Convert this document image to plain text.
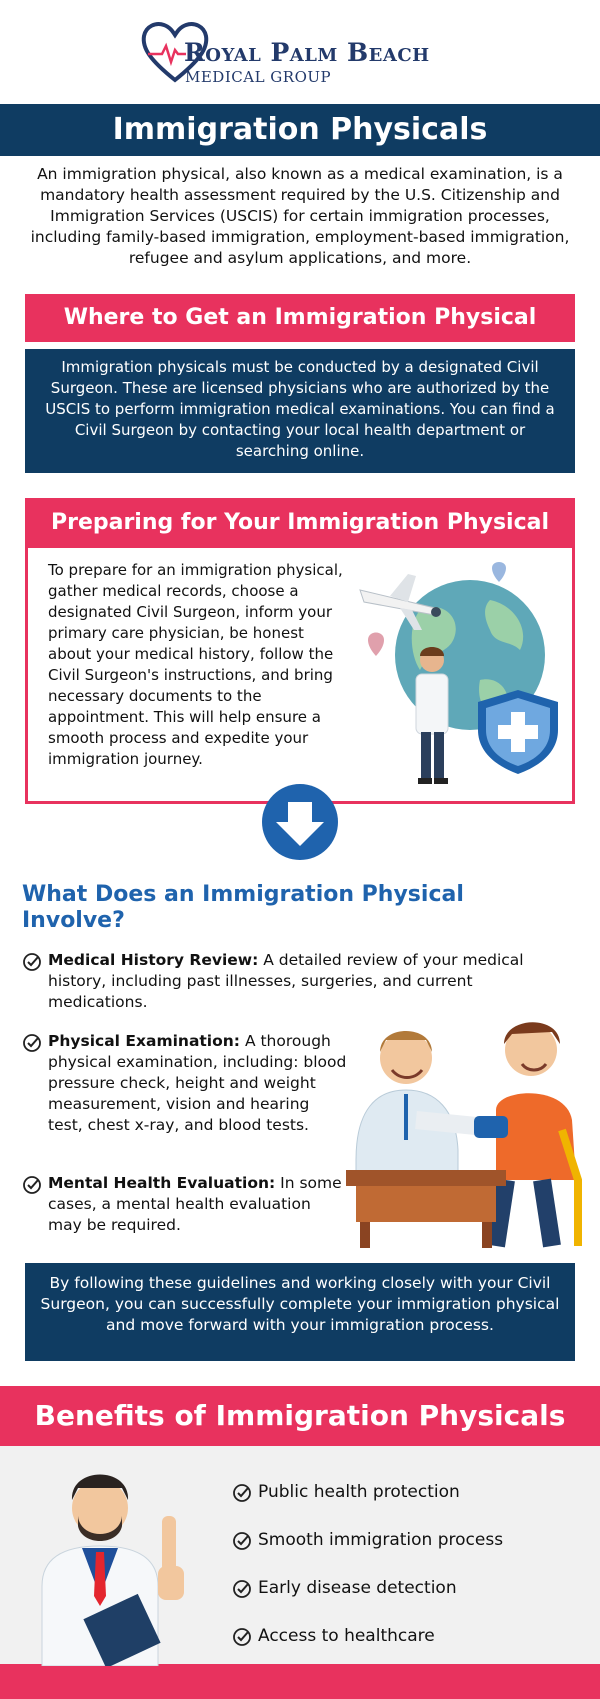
Royal Palm Beach
MEDICAL GROUP
Immigration Physicals

An immigration physical, also known as a medical examination, is a mandatory health assessment required by the U.S. Citizenship and Immigration Services (USCIS) for certain immigration processes, including family-based immigration, employment-based immigration, refugee and asylum applications, and more.

Where to Get an Immigration Physical
Immigration physicals must be conducted by a designated Civil Surgeon. These are licensed physicians who are authorized by the USCIS to perform immigration medical examinations. You can find a Civil Surgeon by contacting your local health department or searching online.
Preparing for Your Immigration Physical

To prepare for an immigration physical, gather medical records, choose a designated Civil Surgeon, inform your primary care physician, be honest about your medical history, follow the Civil Surgeon's instructions, and bring necessary documents to the appointment. This will help ensure a smooth process and expedite your immigration journey.

What Does an Immigration Physical Involve?
Medical History Review: A detailed review of your medical history, including past illnesses, surgeries, and current medications.
Physical Examination: A thorough physical examination, including: blood pressure check, height and weight measurement, vision and hearing test, chest x-ray, and blood tests.
Mental Health Evaluation: In some cases, a mental health evaluation may be required.
By following these guidelines and working closely with your Civil Surgeon, you can successfully complete your immigration physical and move forward with your immigration process.
Benefits of Immigration Physicals
Public health protection
Smooth immigration process
Early disease detection
Access to healthcare
